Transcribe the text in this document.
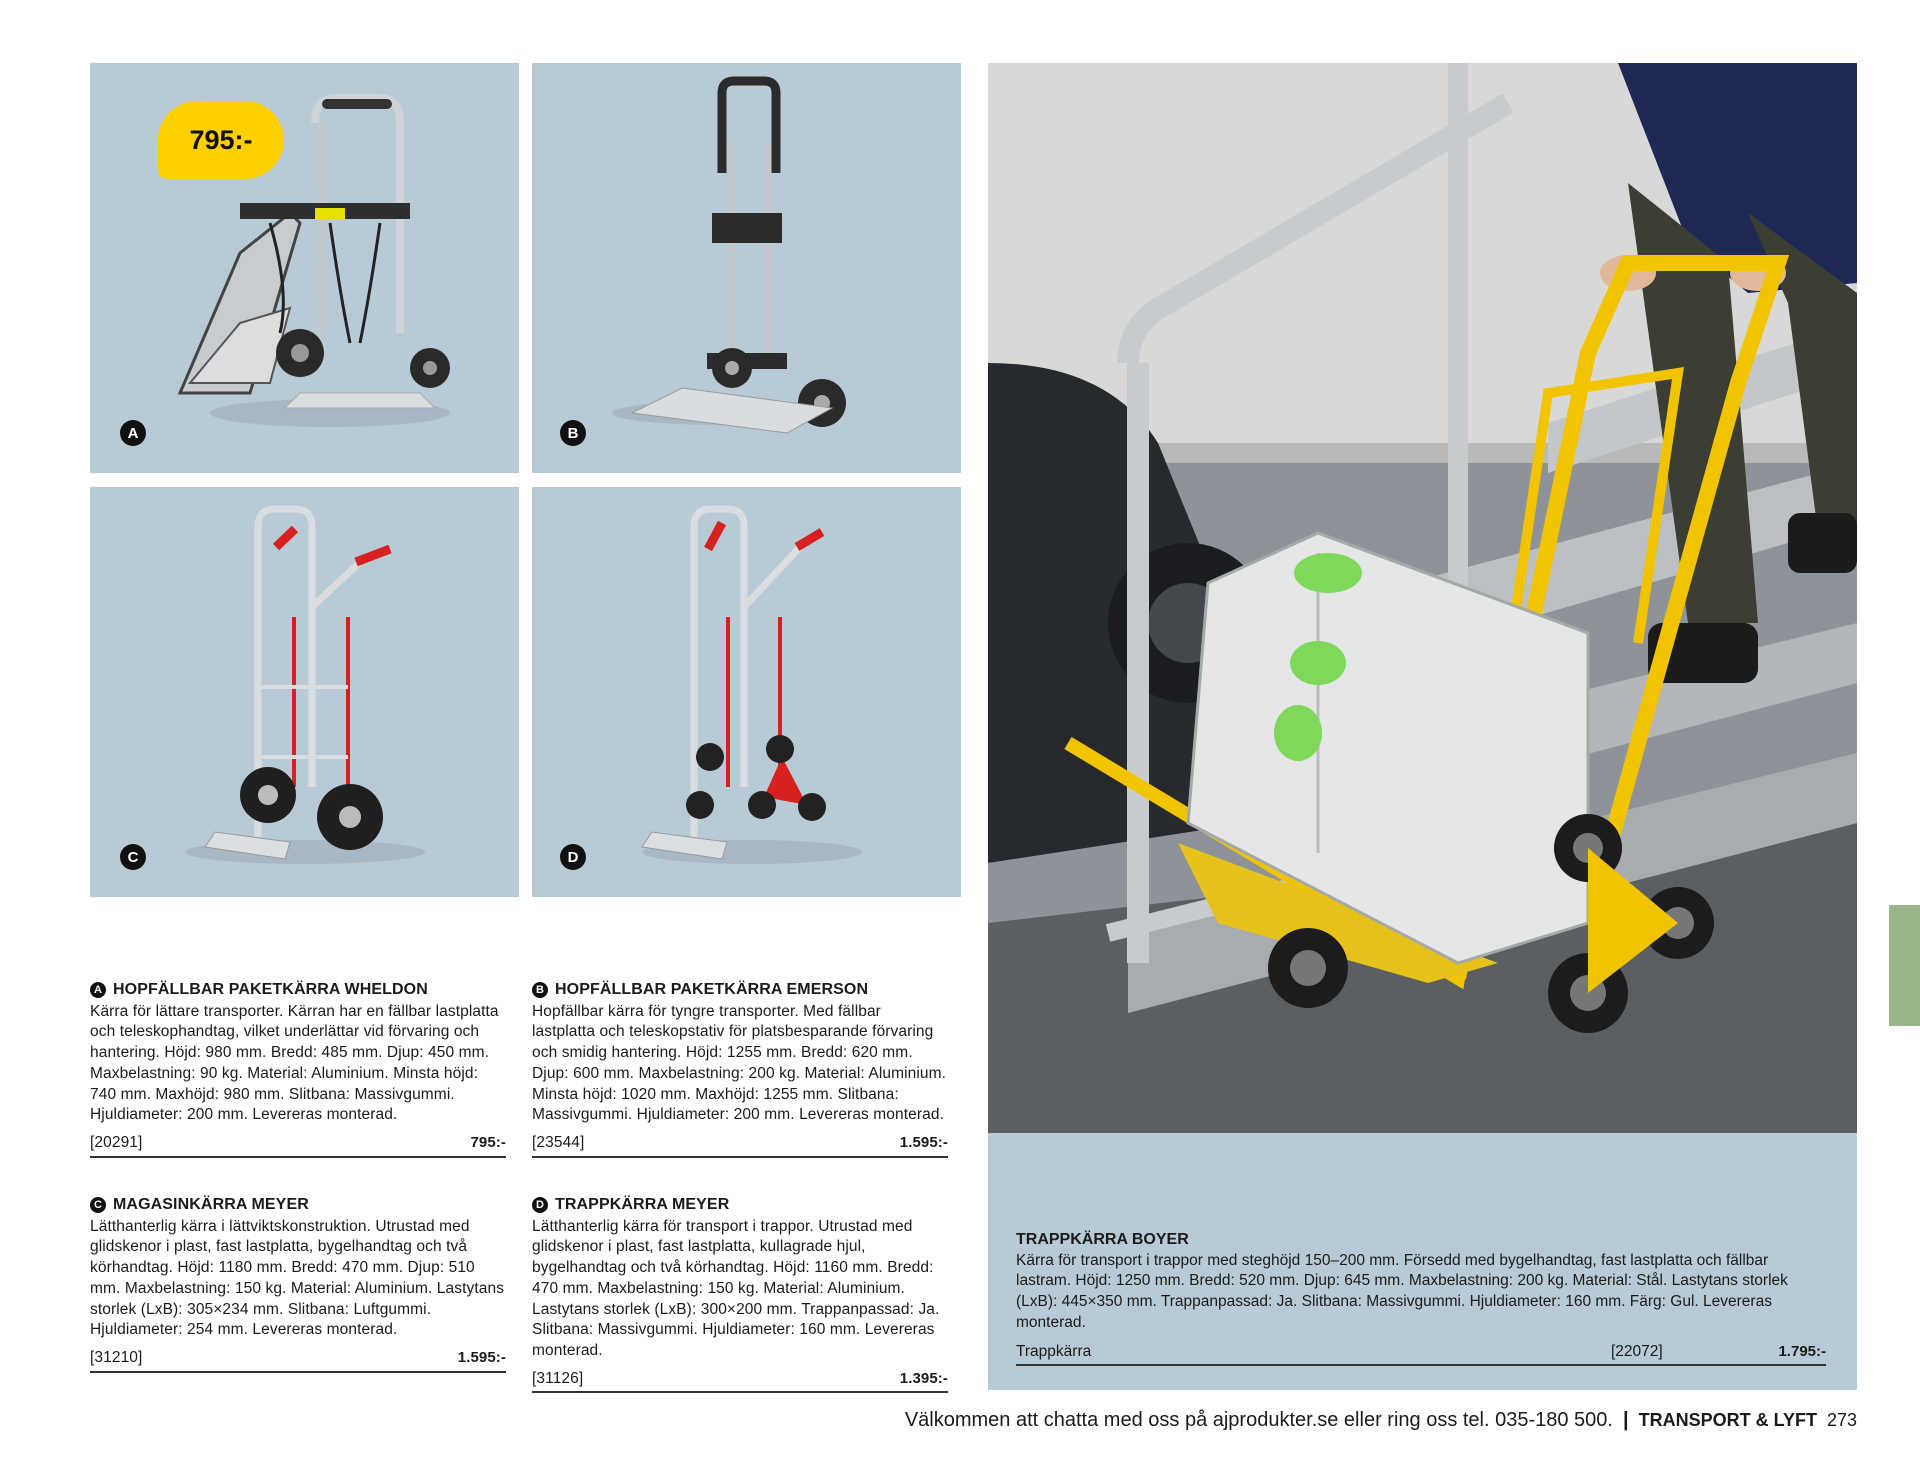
795:-
A	B
C	D
A HOPFÄLLBAR PAKETKÄRRA WHELDON

Kärra för lättare transporter. Kärran har en fällbar lastplatta och teleskophandtag, vilket underlättar vid förvaring och hantering. Höjd: 980 mm. Bredd: 485 mm. Djup: 450 mm. Maxbelastning: 90 kg. Material: Aluminium. Minsta höjd: 740 mm. Maxhöjd: 980 mm. Slitbana: Massivgummi. Hjuldiameter: 200 mm. Levereras monterad.

[20291]	795:-
B HOPFÄLLBAR PAKETKÄRRA EMERSON

Hopfällbar kärra för tyngre transporter. Med fällbar lastplatta och teleskopstativ för platsbesparande förvaring och smidig hantering. Höjd: 1255 mm. Bredd: 620 mm. Djup: 600 mm. Maxbelastning: 200 kg. Material: Aluminium. Minsta höjd: 1020 mm. Maxhöjd: 1255 mm. Slitbana: Massivgummi. Hjuldiameter: 200 mm. Levereras monterad.

[23544]	1.595:-
C MAGASINKÄRRA MEYER

Lätthanterlig kärra i lättviktskonstruktion. Utrustad med glidskenor i plast, fast lastplatta, bygelhandtag och två körhandtag. Höjd: 1180 mm. Bredd: 470 mm. Djup: 510 mm. Maxbelastning: 150 kg. Material: Aluminium. Lastytans storlek (LxB): 305×234 mm. Slitbana: Luftgummi. Hjuldiameter: 254 mm. Levereras monterad.

[31210]	1.595:-
D TRAPPKÄRRA MEYER

Lätthanterlig kärra för transport i trappor. Utrustad med glidskenor i plast, fast lastplatta, kullagrade hjul, bygelhandtag och två körhandtag. Höjd: 1160 mm. Bredd: 470 mm. Maxbelastning: 150 kg. Material: Aluminium. Lastytans storlek (LxB): 300×200 mm. Trappanpassad: Ja. Slitbana: Massivgummi. Hjuldiameter: 160 mm. Levereras monterad.

[31126]	1.395:-
TRAPPKÄRRA BOYER
Kärra för transport i trappor med steghöjd 150–200 mm. Försedd med bygelhandtag, fast lastplatta och fällbar lastram. Höjd: 1250 mm. Bredd: 520 mm. Djup: 645 mm. Maxbelastning: 200 kg. Material: Stål. Lastytans storlek (LxB): 445×350 mm. Trappanpassad: Ja. Slitbana: Massivgummi. Hjuldiameter: 160 mm. Färg: Gul. Levereras monterad.
Trappkärra	[22072]	1.795:-
Välkommen att chatta med oss på ajprodukter.se eller ring oss tel. 035-180 500. | TRANSPORT & LYFT 273
